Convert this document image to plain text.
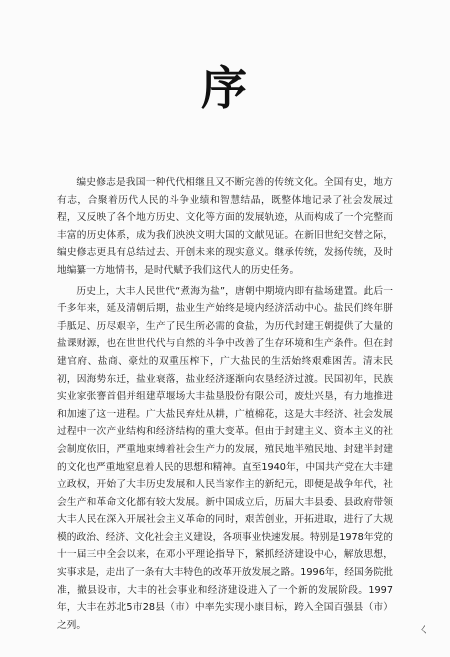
序

编史修志是我国一种代代相继且又不断完善的传统文化。全国有史，地方有志，合聚着历代人民的斗争业绩和智慧结晶，既整体地记录了社会发展过程，又反映了各个地方历史、文化等方面的发展轨迹，从而构成了一个完整而丰富的历史体系，成为我们泱泱文明大国的文献见证。在新旧世纪交替之际，编史修志更具有总结过去、开创未来的现实意义。继承传统，发扬传统，及时地编纂一方地情书，是时代赋予我们这代人的历史任务。

历史上，大丰人民世代“煮海为盐”，唐朝中期境内即有盐场建置。此后一千多年来，延及清朝后期，盐业生产始终是境内经济活动中心。盐民们终年胼手胝足、历尽艰辛，生产了民生所必需的食盐，为历代封建王朝提供了大量的盐课财源，也在世世代代与自然的斗争中改善了生存环境和生产条件。但在封建官府、盐商、豪灶的双重压榨下，广大盐民的生活始终艰难困苦。清末民初，因海势东迁，盐业衰落，盐业经济逐渐向农垦经济过渡。民国初年，民族实业家张謇首倡并组建草堰场大丰盐垦股份有限公司，废灶兴垦，有力地推进和加速了这一进程。广大盐民弃灶从耕，广植棉花，这是大丰经济、社会发展过程中一次产业结构和经济结构的重大变革。但由于封建主义、资本主义的社会制度依旧，严重地束缚着社会生产力的发展，殖民地半殖民地、封建半封建的文化也严重地窒息着人民的思想和精神。直至1940年，中国共产党在大丰建立政权，开始了大丰历史发展和人民当家作主的新纪元，即便是战争年代，社会生产和革命文化都有较大发展。新中国成立后，历届大丰县委、县政府带领大丰人民在深入开展社会主义革命的同时，艰苦创业，开拓进取，进行了大规模的政治、经济、文化社会主义建设，各项事业快速发展。特别是1978年党的十一届三中全会以来，在邓小平理论指导下，紧抓经济建设中心，解放思想，实事求是，走出了一条有大丰特色的改革开放发展之路。1996年，经国务院批准，撤县设市，大丰的社会事业和经济建设进入了一个新的发展阶段。1997年，大丰在苏北5市28县（市）中率先实现小康目标，跨入全国百强县（市）之列。	ㄑ
